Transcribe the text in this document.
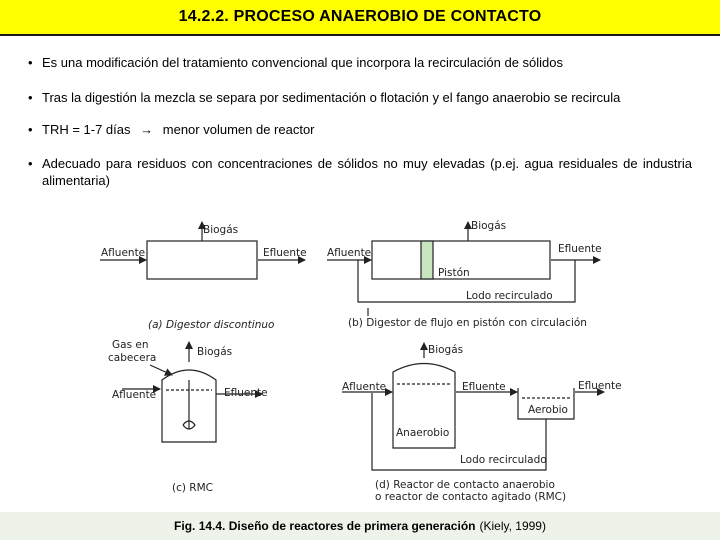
14.2.2. PROCESO ANAEROBIO DE CONTACTO
• Es una modificación del tratamiento convencional que incorpora la recirculación de sólidos
• Tras la digestión la mezcla se separa por sedimentación o flotación y el fango anaerobio se recircula
• TRH = 1-7 días → menor volumen de reactor
• Adecuado para residuos con concentraciones de sólidos no muy elevadas (p.ej. agua residuales de industria alimentaria)
Biogás
Afluente	Efluente
(a) Digestor discontinuo
Biogás
Afluente	Efluente
Pistón
Lodo recirculado
(b) Digestor de flujo en pistón con circulación
Gas en
cabecera	Biogás
Afluente	Efluente
(c) RMC
Biogás
Afluente	Efluente	Efluente
Anaerobio
Aerobio
Lodo recirculado
(d) Reactor de contacto anaerobio
o reactor de contacto agitado (RMC)
Fig. 14.4. Diseño de reactores de primera generación (Kiely, 1999)
